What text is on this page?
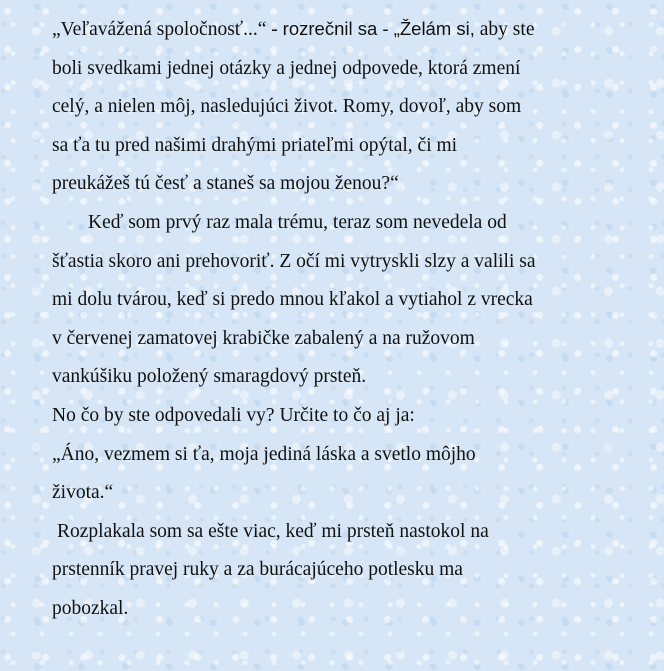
„Veľavážená spoločnosť...“ - rozrečnil sa - „Želám si, aby ste
boli svedkami jednej otázky a jednej odpovede, ktorá zmení
celý, a nielen môj, nasledujúci život. Romy, dovoľ, aby som
sa ťa tu pred našimi drahými priateľmi opýtal, či mi
preukážeš tú česť a staneš sa mojou ženou?“
Keď som prvý raz mala trému, teraz som nevedela od
šťastia skoro ani prehovoriť. Z očí mi vytryskli slzy a valili sa
mi dolu tvárou, keď si predo mnou kľakol a vytiahol z vrecka
v červenej zamatovej krabičke zabalený a na ružovom
vankúšiku položený smaragdový prsteň.
No čo by ste odpovedali vy? Určite to čo aj ja:
„Áno, vezmem si ťa, moja jediná láska a svetlo môjho
života.“
Rozplakala som sa ešte viac, keď mi prsteň nastokol na
prstenník pravej ruky a za burácajúceho potlesku ma
pobozkal.
